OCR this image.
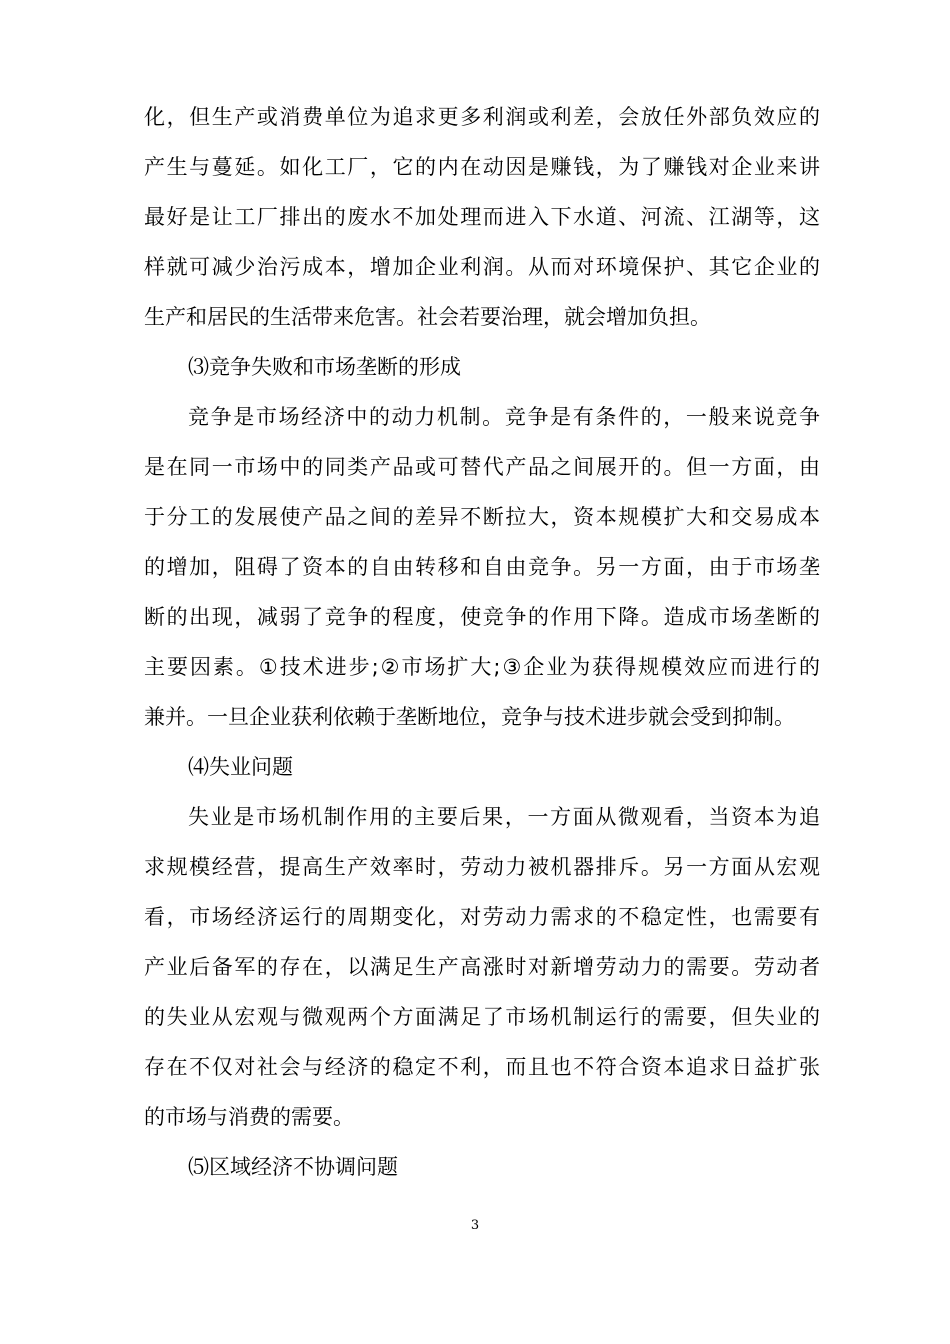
化，但生产或消费单位为追求更多利润或利差，会放任外部负效应的
产生与蔓延。如化工厂，它的内在动因是赚钱，为了赚钱对企业来讲
最好是让工厂排出的废水不加处理而进入下水道、河流、江湖等，这
样就可减少治污成本，增加企业利润。从而对环境保护、其它企业的
生产和居民的生活带来危害。社会若要治理，就会增加负担。
⑶竞争失败和市场垄断的形成
竞争是市场经济中的动力机制。竞争是有条件的，一般来说竞争
是在同一市场中的同类产品或可替代产品之间展开的。但一方面，由
于分工的发展使产品之间的差异不断拉大，资本规模扩大和交易成本
的增加，阻碍了资本的自由转移和自由竞争。另一方面，由于市场垄
断的出现，减弱了竞争的程度，使竞争的作用下降。造成市场垄断的
主要因素。①技术进步;②市场扩大;③企业为获得规模效应而进行的
兼并。一旦企业获利依赖于垄断地位，竞争与技术进步就会受到抑制。
⑷失业问题
失业是市场机制作用的主要后果，一方面从微观看，当资本为追
求规模经营，提高生产效率时，劳动力被机器排斥。另一方面从宏观
看，市场经济运行的周期变化，对劳动力需求的不稳定性，也需要有
产业后备军的存在，以满足生产高涨时对新增劳动力的需要。劳动者
的失业从宏观与微观两个方面满足了市场机制运行的需要，但失业的
存在不仅对社会与经济的稳定不利，而且也不符合资本追求日益扩张
的市场与消费的需要。
⑸区域经济不协调问题
3
